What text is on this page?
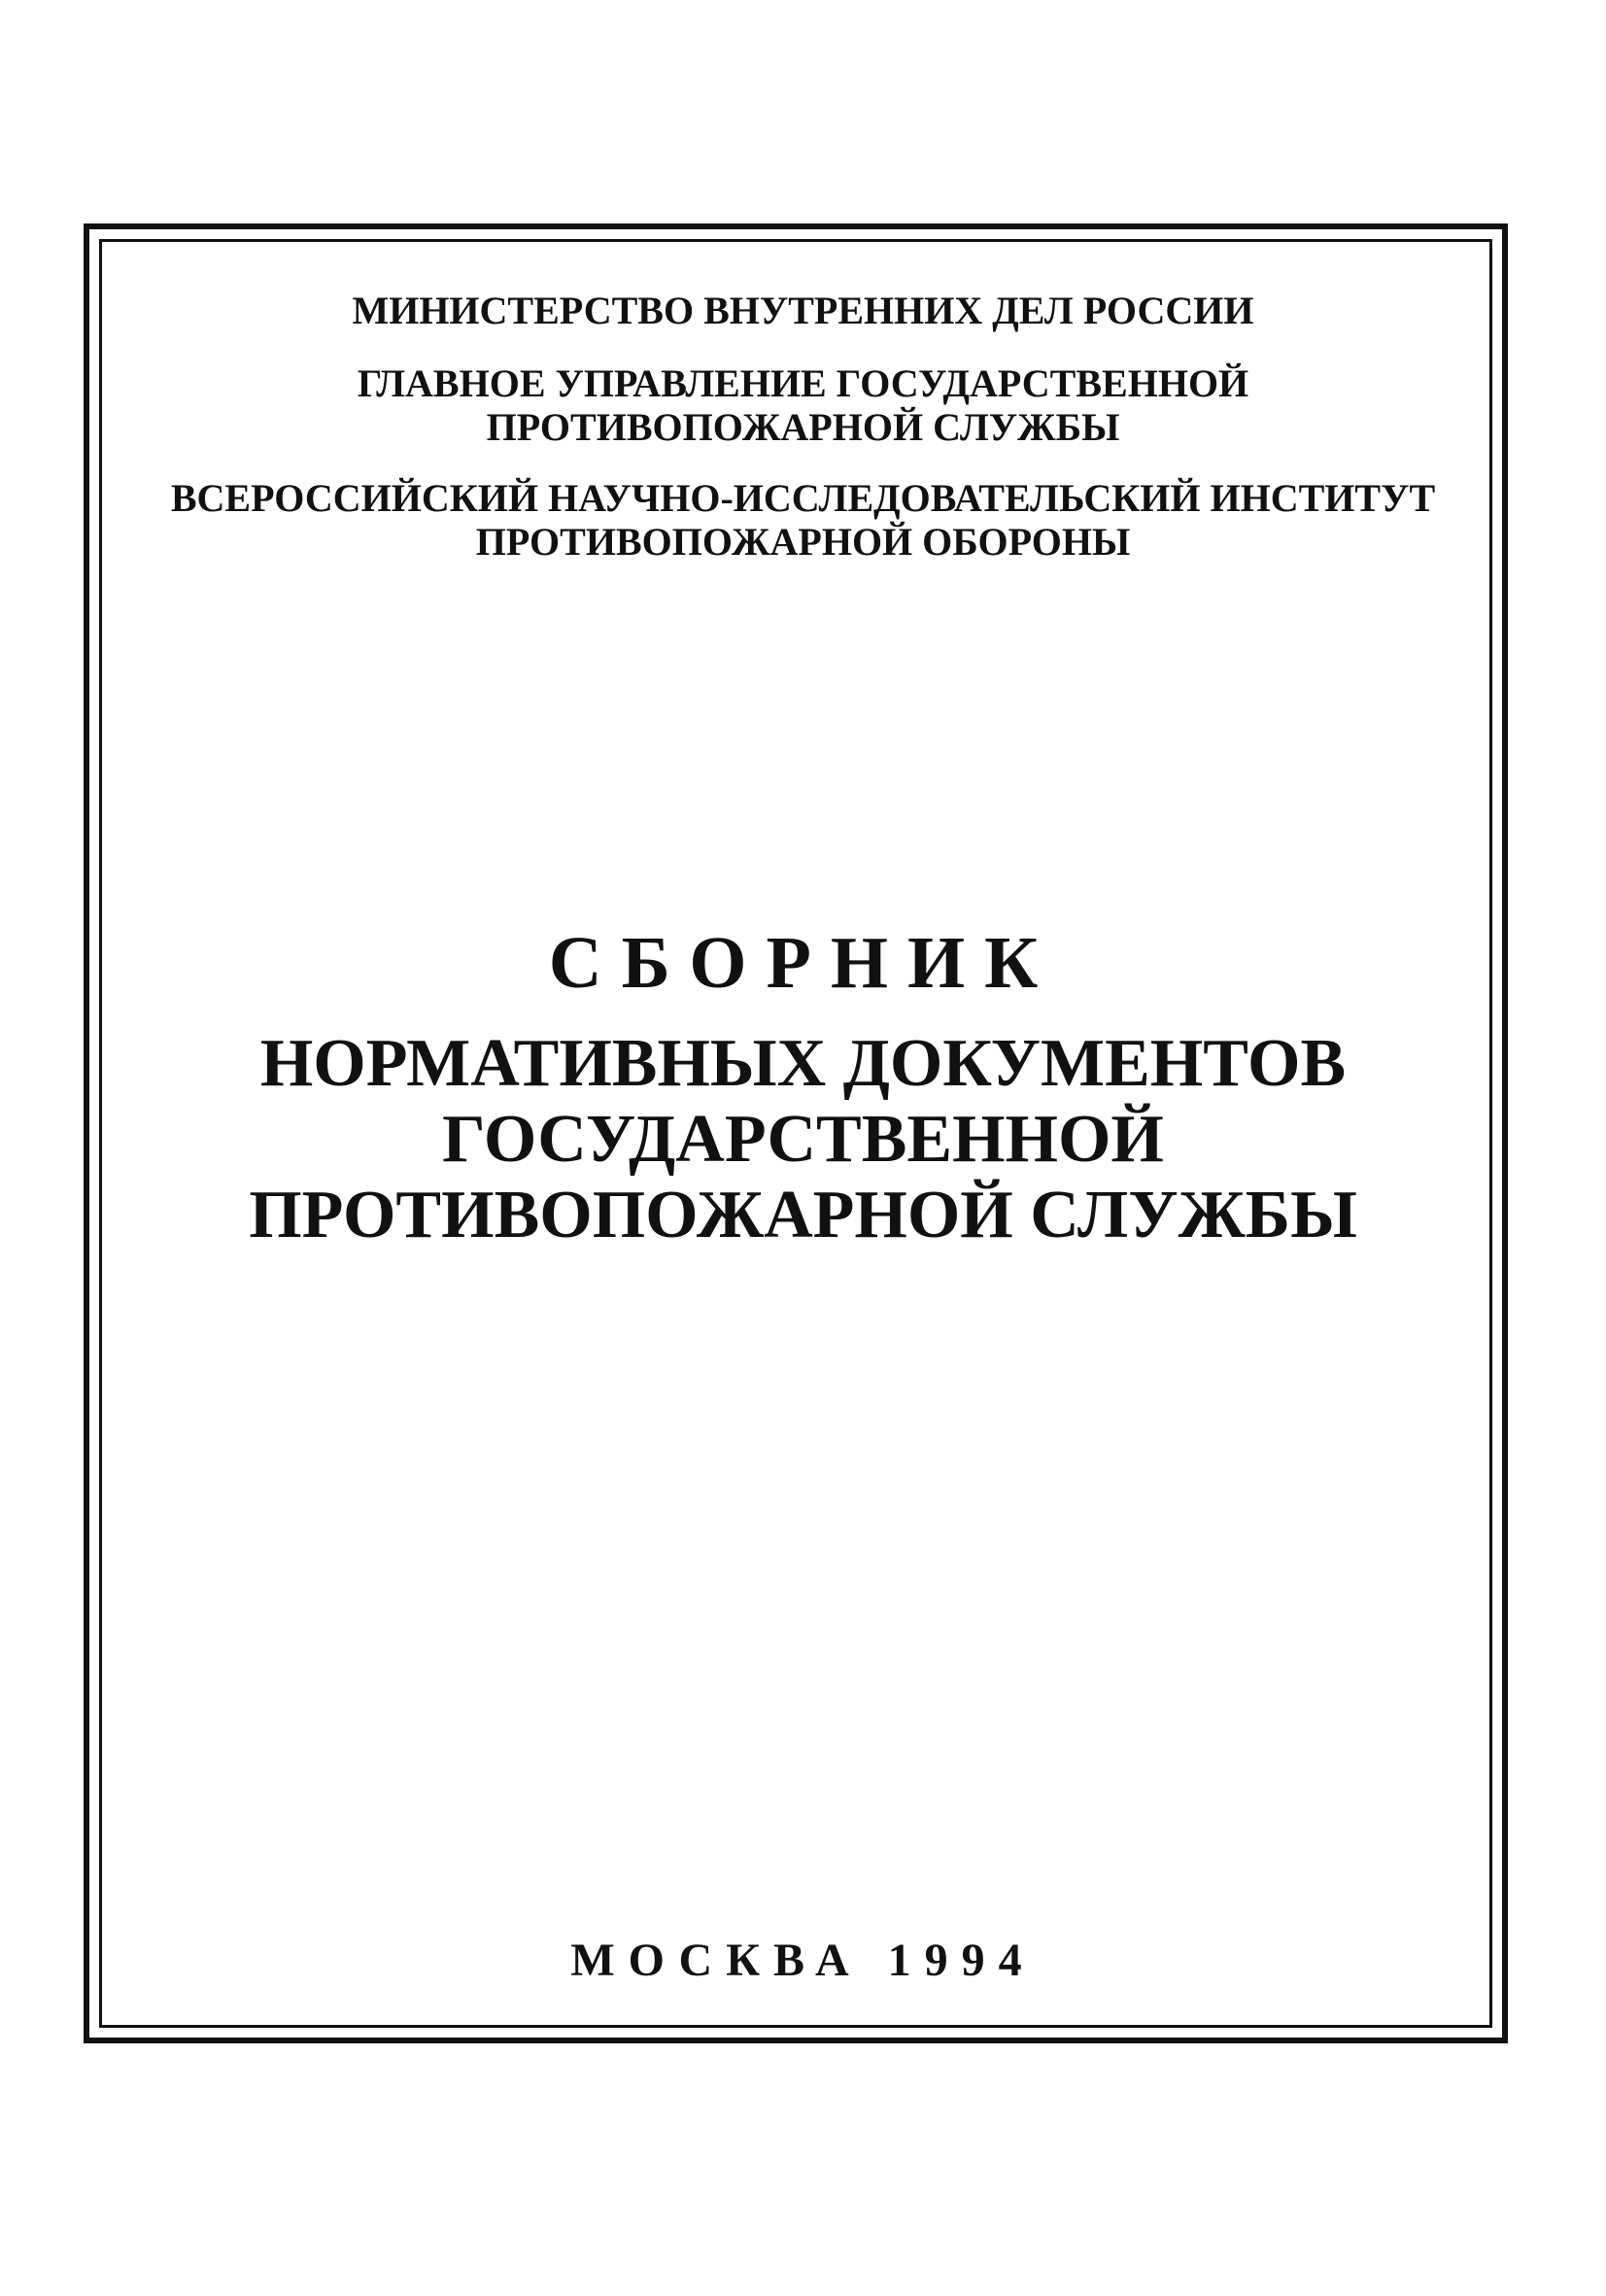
МИНИСТЕРСТВО ВНУТРЕННИХ ДЕЛ РОССИИ

ГЛАВНОЕ УПРАВЛЕНИЕ ГОСУДАРСТВЕННОЙ

ПРОТИВОПОЖАРНОЙ СЛУЖБЫ

ВСЕРОССИЙСКИЙ НАУЧНО-ИССЛЕДОВАТЕЛЬСКИЙ ИНСТИТУТ

ПРОТИВОПОЖАРНОЙ ОБОРОНЫ

СБОРНИК

НОРМАТИВНЫХ ДОКУМЕНТОВ

ГОСУДАРСТВЕННОЙ

ПРОТИВОПОЖАРНОЙ СЛУЖБЫ

МОСКВА 1994
